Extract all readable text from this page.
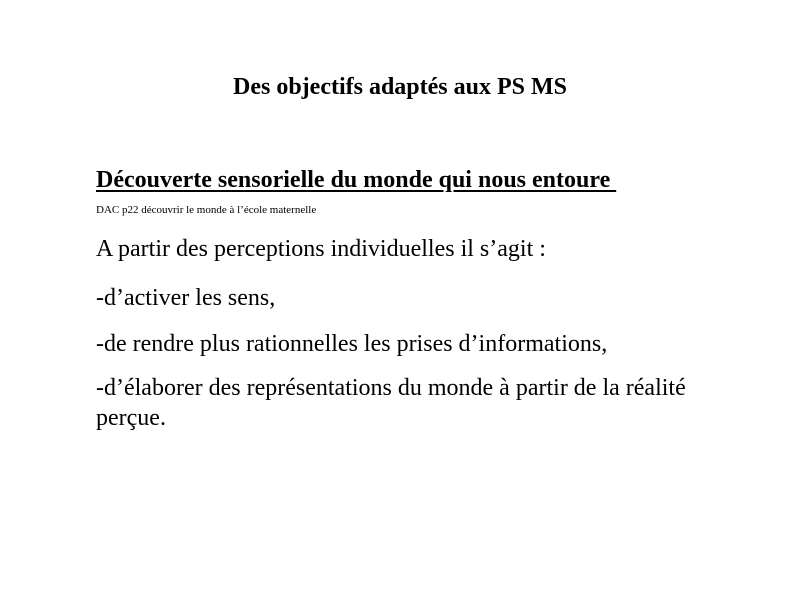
Des objectifs adaptés aux PS MS
Découverte sensorielle du monde qui nous entoure
DAC p22 découvrir le monde à l’école maternelle
A partir des perceptions individuelles il s’agit :
-d’activer les sens,
-de rendre plus rationnelles les prises d’informations,
-d’élaborer des représentations du monde à partir de la réalité perçue.
